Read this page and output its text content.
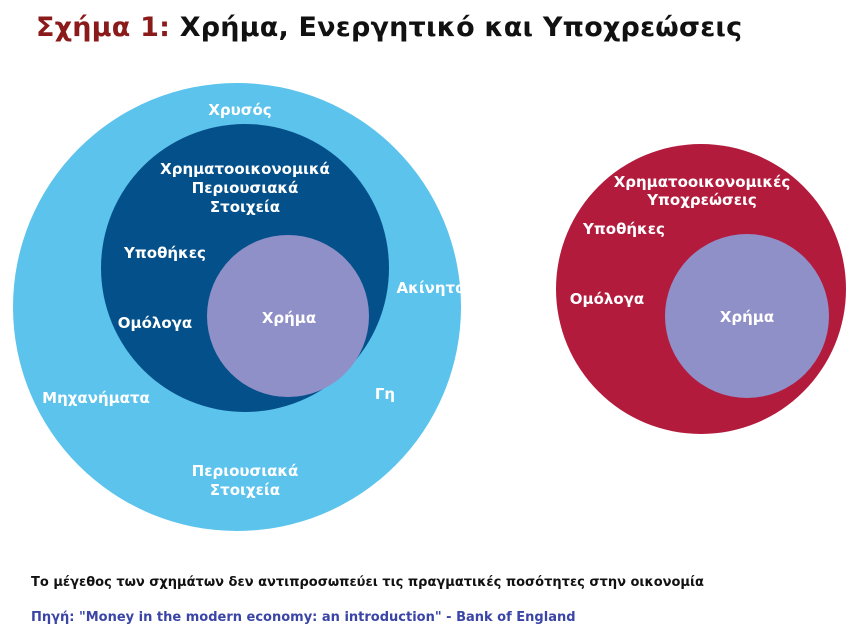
Σχήμα 1: Χρήμα, Ενεργητικό και Υποχρεώσεις
Χρυσός
Ακίνητα
Μηχανήματα	Γη
Περιουσιακά
Στοιχεία
Χρηματοοικονομικά
Περιουσιακά
Στοιχεία
Υποθήκες
Ομόλογα	Χρήμα
Χρηματοοικονομικές
Υποχρεώσεις
Υποθήκες
Ομόλογα
Χρήμα
Το μέγεθος των σχημάτων δεν αντιπροσωπεύει τις πραγματικές ποσότητες στην οικονομία
Πηγή: "Money in the modern economy: an introduction" - Bank of England
